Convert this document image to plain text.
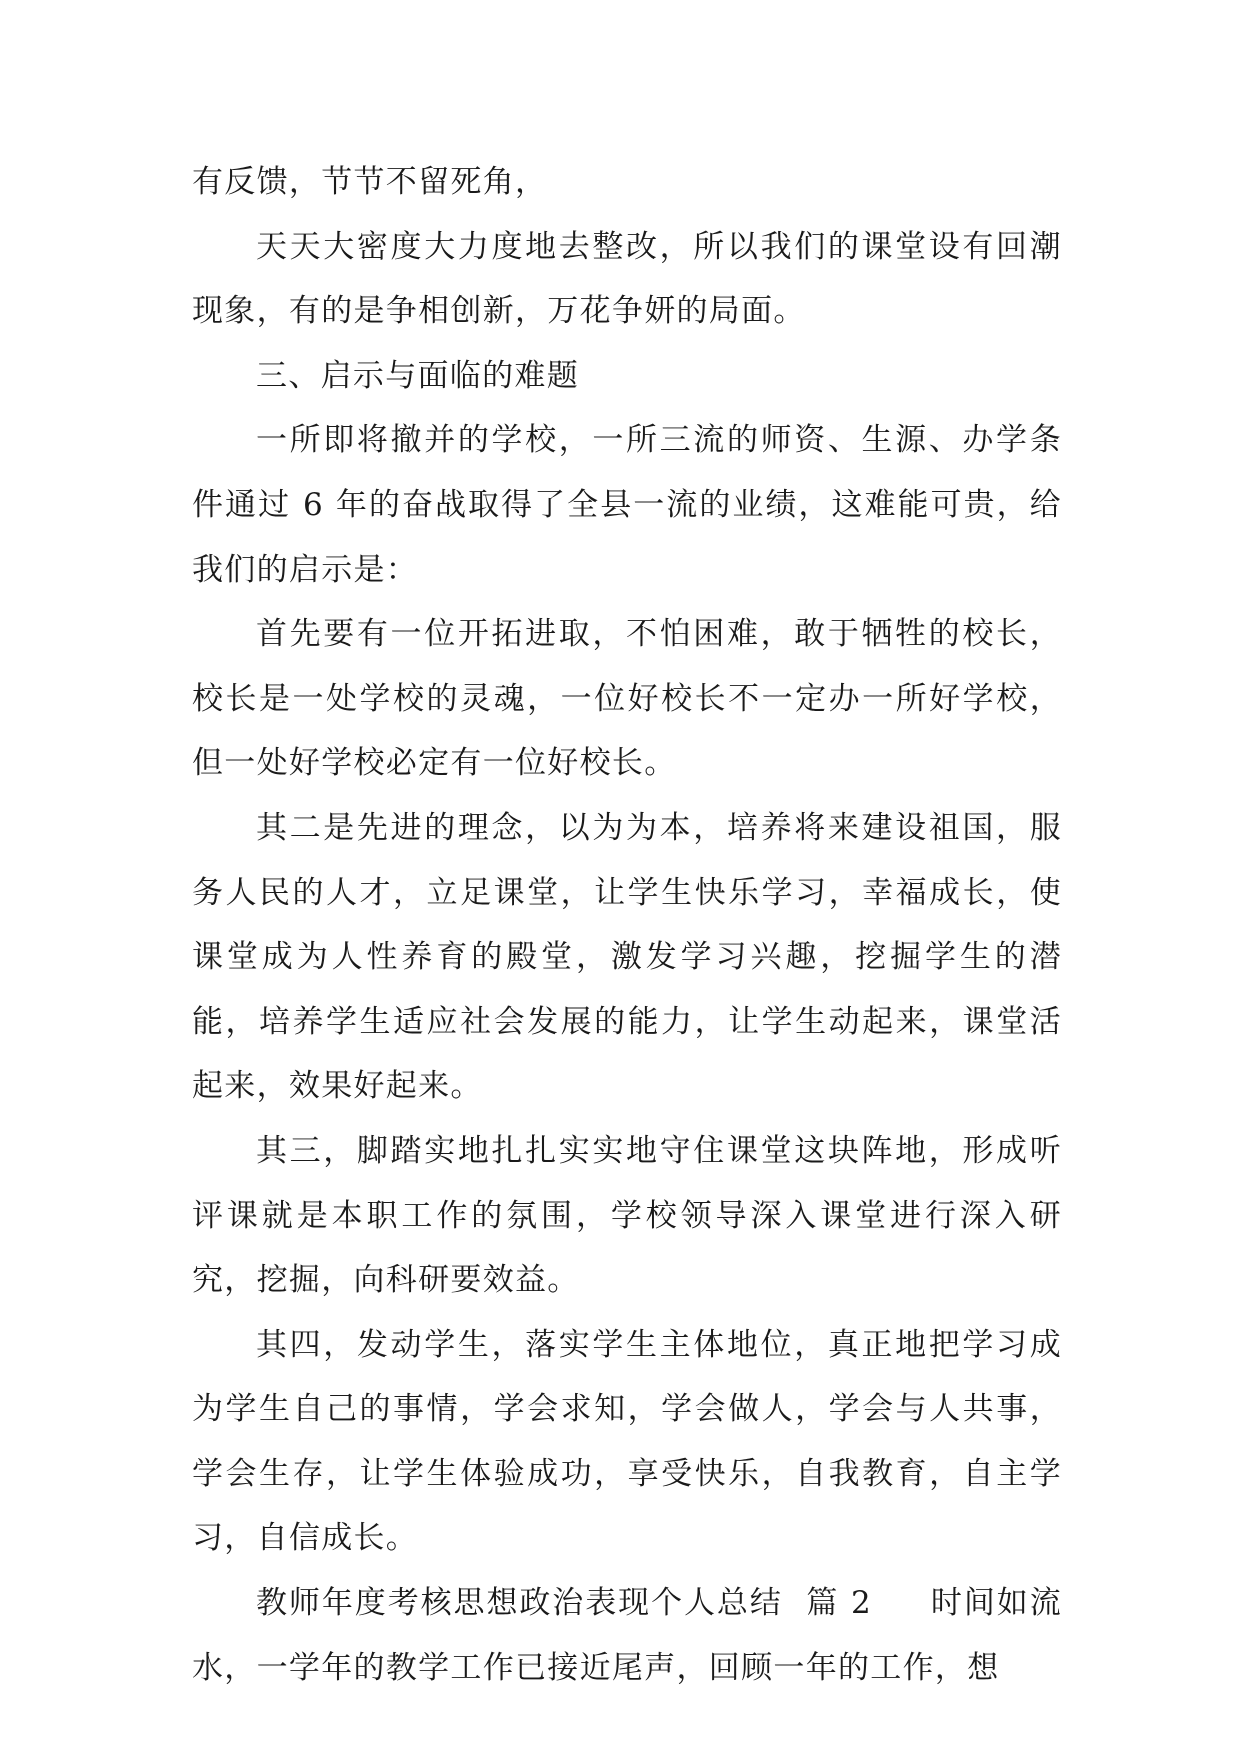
有反馈，节节不留死角，

天天大密度大力度地去整改，所以我们的课堂设有回潮现象，有的是争相创新，万花争妍的局面。

三、启示与面临的难题

一所即将撤并的学校，一所三流的师资、生源、办学条件通过 6 年的奋战取得了全县一流的业绩，这难能可贵，给我们的启示是：

首先要有一位开拓进取，不怕困难，敢于牺牲的校长，校长是一处学校的灵魂，一位好校长不一定办一所好学校，但一处好学校必定有一位好校长。

其二是先进的理念，以为为本，培养将来建设祖国，服务人民的人才，立足课堂，让学生快乐学习，幸福成长，使课堂成为人性养育的殿堂，激发学习兴趣，挖掘学生的潜能，培养学生适应社会发展的能力，让学生动起来，课堂活起来，效果好起来。

其三，脚踏实地扎扎实实地守住课堂这块阵地，形成听评课就是本职工作的氛围，学校领导深入课堂进行深入研究，挖掘，向科研要效益。

其四，发动学生，落实学生主体地位，真正地把学习成为学生自己的事情，学会求知，学会做人，学会与人共事，学会生存，让学生体验成功，享受快乐，自我教育，自主学习，自信成长。

教师年度考核思想政治表现个人总结  篇 2     时间如流水，一学年的教学工作已接近尾声，回顾一年的工作，想
